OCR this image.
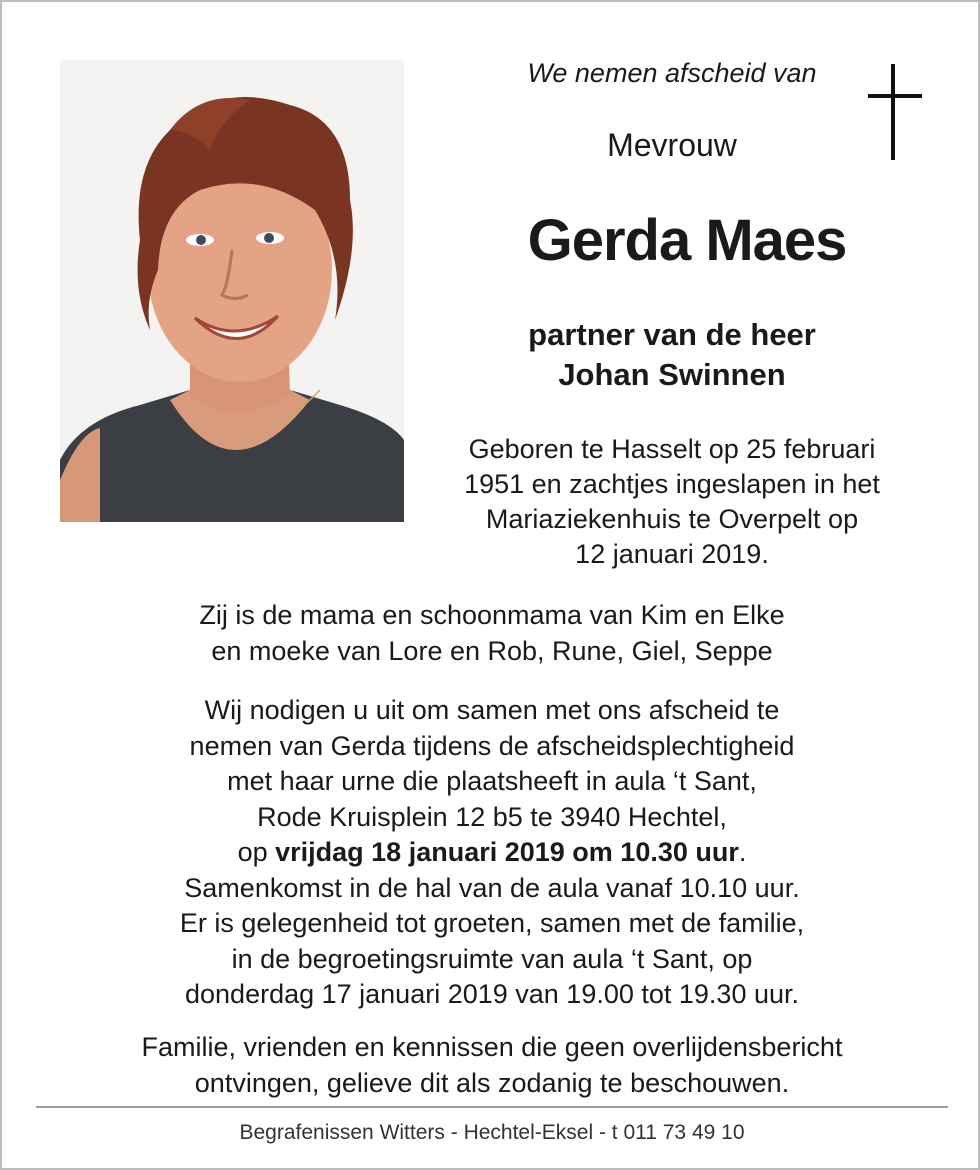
We nemen afscheid van
Mevrouw
Gerda Maes
partner van de heer
Johan Swinnen
Geboren te Hasselt op 25 februari
1951 en zachtjes ingeslapen in het
Mariaziekenhuis te Overpelt op
12 januari 2019.
Zij is de mama en schoonmama van Kim en Elke
en moeke van Lore en Rob, Rune, Giel, Seppe
Wij nodigen u uit om samen met ons afscheid te
nemen van Gerda tijdens de afscheidsplechtigheid
met haar urne die plaatsheeft in aula ‘t Sant,
Rode Kruisplein 12 b5 te 3940 Hechtel,
op vrijdag 18 januari 2019 om 10.30 uur.
Samenkomst in de hal van de aula vanaf 10.10 uur.
Er is gelegenheid tot groeten, samen met de familie,
in de begroetingsruimte van aula ‘t Sant, op
donderdag 17 januari 2019 van 19.00 tot 19.30 uur.
Familie, vrienden en kennissen die geen overlijdensbericht
ontvingen, gelieve dit als zodanig te beschouwen.
Begrafenissen Witters - Hechtel-Eksel - t 011 73 49 10
